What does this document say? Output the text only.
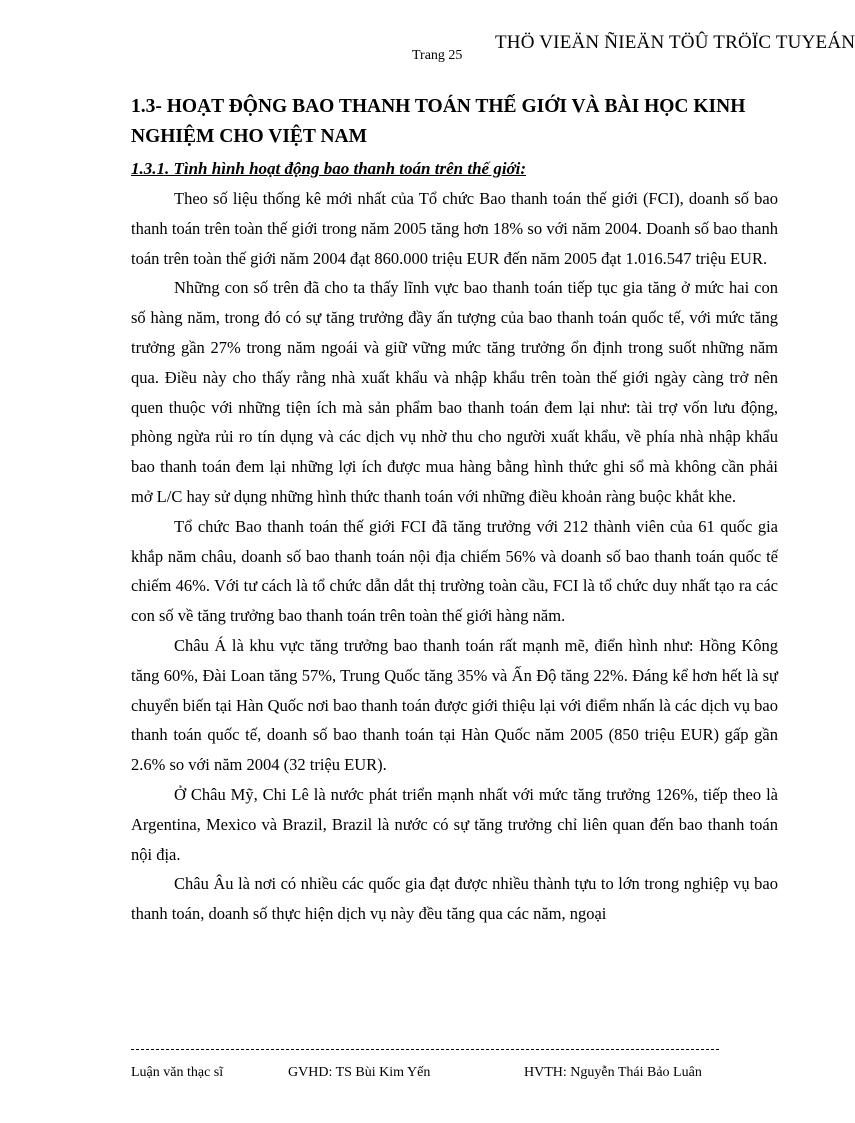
Trang 25
THÖ VIEÄN ÑIEÄN TÖÛ TRÖÏC TUYEÁN
1.3- HOẠT ĐỘNG BAO THANH TOÁN THẾ GIỚI VÀ BÀI HỌC KINH NGHIỆM CHO VIỆT NAM
1.3.1. Tình hình hoạt động bao thanh toán trên thế giới:

Theo số liệu thống kê mới nhất của Tổ chức Bao thanh toán thế giới (FCI), doanh số bao thanh toán trên toàn thế giới trong năm 2005 tăng hơn 18% so với năm 2004. Doanh số bao thanh toán trên toàn thế giới năm 2004 đạt 860.000 triệu EUR đến năm 2005 đạt 1.016.547 triệu EUR.

Những con số trên đã cho ta thấy lĩnh vực bao thanh toán tiếp tục gia tăng ở mức hai con số hàng năm, trong đó có sự tăng trưởng đầy ấn tượng của bao thanh toán quốc tế, với mức tăng trưởng gần 27% trong năm ngoái và giữ vững mức tăng trưởng ổn định trong suốt những năm qua. Điều này cho thấy rằng nhà xuất khẩu và nhập khẩu trên toàn thế giới ngày càng trở nên quen thuộc với những tiện ích mà sản phẩm bao thanh toán đem lại như: tài trợ vốn lưu động, phòng ngừa rủi ro tín dụng và các dịch vụ nhờ thu cho người xuất khẩu, về phía nhà nhập khẩu bao thanh toán đem lại những lợi ích được mua hàng bằng hình thức ghi sổ mà không cần phải mở L/C hay sử dụng những hình thức thanh toán với những điều khoản ràng buộc khắt khe.

Tổ chức Bao thanh toán thế giới FCI đã tăng trưởng với 212 thành viên của 61 quốc gia khắp năm châu, doanh số bao thanh toán nội địa chiếm 56% và doanh số bao thanh toán quốc tế chiếm 46%. Với tư cách là tổ chức dẫn dắt thị trường toàn cầu, FCI là tổ chức duy nhất tạo ra các con số về tăng trưởng bao thanh toán trên toàn thế giới hàng năm.

Châu Á là khu vực tăng trưởng bao thanh toán rất mạnh mẽ, điển hình như: Hồng Kông tăng 60%, Đài Loan tăng 57%, Trung Quốc tăng 35% và Ấn Độ tăng 22%. Đáng kể hơn hết là sự chuyển biến tại Hàn Quốc nơi bao thanh toán được giới thiệu lại với điểm nhấn là các dịch vụ bao thanh toán quốc tế, doanh số bao thanh toán tại Hàn Quốc năm 2005 (850 triệu EUR) gấp gần 2.6% so với năm 2004 (32 triệu EUR).

Ở Châu Mỹ, Chi Lê là nước phát triển mạnh nhất với mức tăng trưởng 126%, tiếp theo là Argentina, Mexico và Brazil, Brazil là nước có sự tăng trưởng chỉ liên quan đến bao thanh toán nội địa.

Châu Âu là nơi có nhiều các quốc gia đạt được nhiều thành tựu to lớn trong nghiệp vụ bao thanh toán, doanh số thực hiện dịch vụ này đều tăng qua các năm, ngoại

Luận văn thạc sĩ	GVHD: TS Bùi Kim Yến	HVTH: Nguyễn Thái Bảo Luân
